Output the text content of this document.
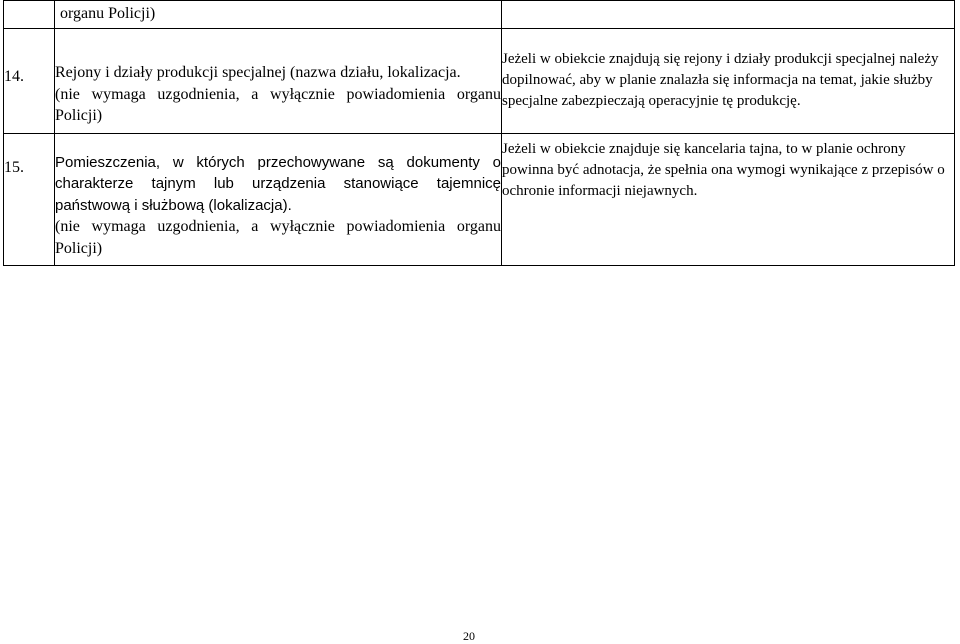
	organu Policji)	
14.	Rejony i działy produkcji specjalnej (nazwa działu, lokalizacja.
(nie wymaga uzgodnienia, a wyłącznie powiadomienia organu Policji)	Jeżeli w obiekcie znajdują się rejony i działy produkcji specjalnej należy dopilnować, aby w planie znalazła się informacja na temat, jakie służby specjalne zabezpieczają operacyjnie tę produkcję.
15.	Pomieszczenia, w których przechowywane są dokumenty o charakterze tajnym lub urządzenia stanowiące tajemnicę państwową i służbową (lokalizacja).
(nie wymaga uzgodnienia, a wyłącznie powiadomienia organu Policji)	Jeżeli w obiekcie znajduje się kancelaria tajna, to w planie ochrony powinna być adnotacja, że spełnia ona wymogi wynikające z przepisów o ochronie informacji niejawnych.
20
